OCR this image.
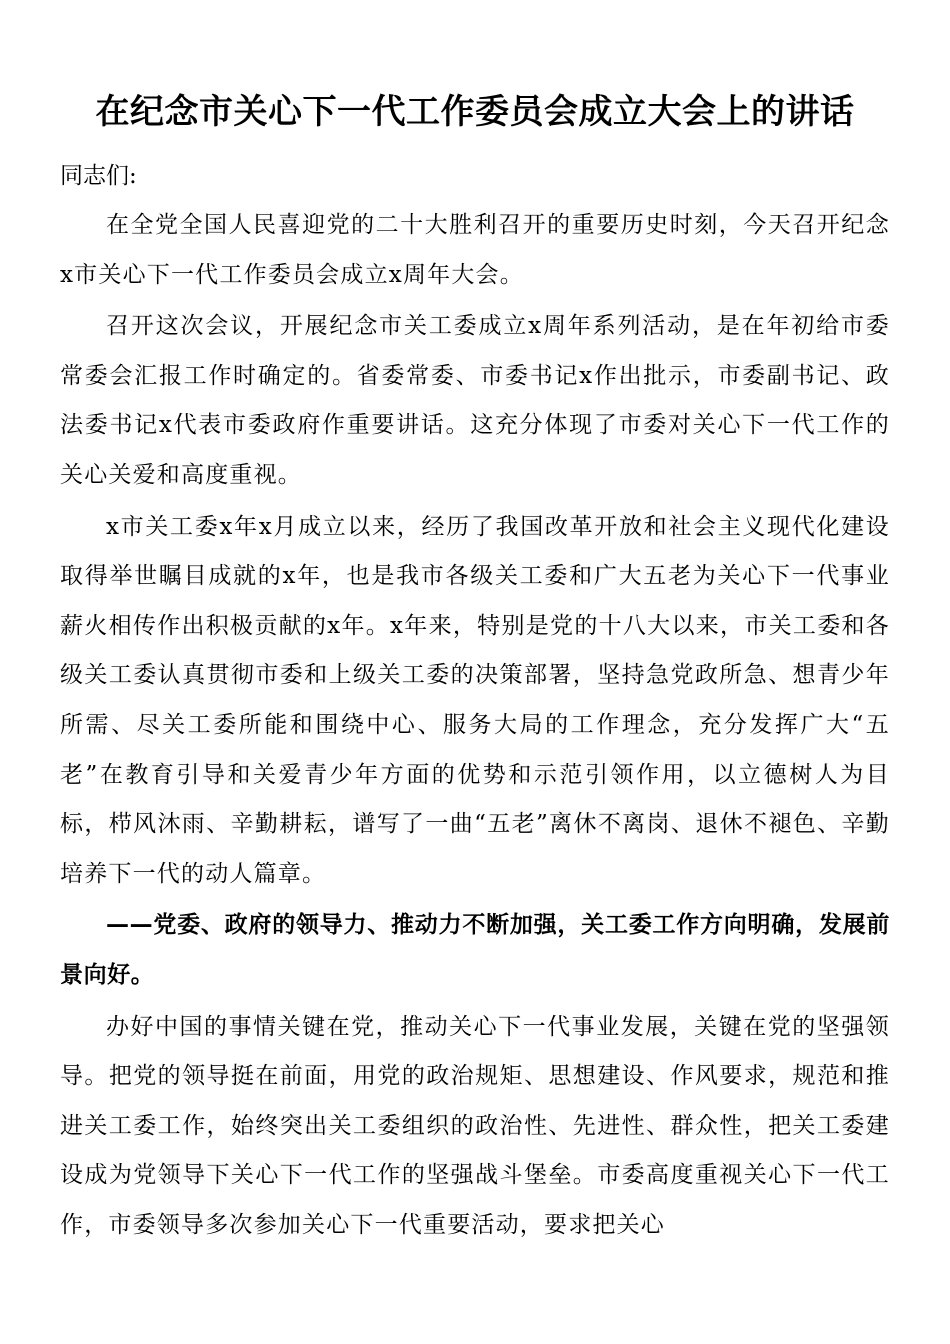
在纪念市关心下一代工作委员会成立大会上的讲话

同志们:

在全党全国人民喜迎党的二十大胜利召开的重要历史时刻，今天召开纪念x市关心下一代工作委员会成立x周年大会。

召开这次会议，开展纪念市关工委成立x周年系列活动，是在年初给市委常委会汇报工作时确定的。省委常委、市委书记x作出批示，市委副书记、政法委书记x代表市委政府作重要讲话。这充分体现了市委对关心下一代工作的关心关爱和高度重视。

x市关工委x年x月成立以来，经历了我国改革开放和社会主义现代化建设取得举世瞩目成就的x年，也是我市各级关工委和广大五老为关心下一代事业薪火相传作出积极贡献的x年。x年来，特别是党的十八大以来，市关工委和各级关工委认真贯彻市委和上级关工委的决策部署，坚持急党政所急、想青少年所需、尽关工委所能和围绕中心、服务大局的工作理念，充分发挥广大“五老”在教育引导和关爱青少年方面的优势和示范引领作用，以立德树人为目标，栉风沐雨、辛勤耕耘，谱写了一曲“五老”离休不离岗、退休不褪色、辛勤培养下一代的动人篇章。

——党委、政府的领导力、推动力不断加强，关工委工作方向明确，发展前景向好。

办好中国的事情关键在党，推动关心下一代事业发展，关键在党的坚强领导。把党的领导挺在前面，用党的政治规矩、思想建设、作风要求，规范和推进关工委工作，始终突出关工委组织的政治性、先进性、群众性，把关工委建设成为党领导下关心下一代工作的坚强战斗堡垒。市委高度重视关心下一代工作，市委领导多次参加关心下一代重要活动，要求把关心
